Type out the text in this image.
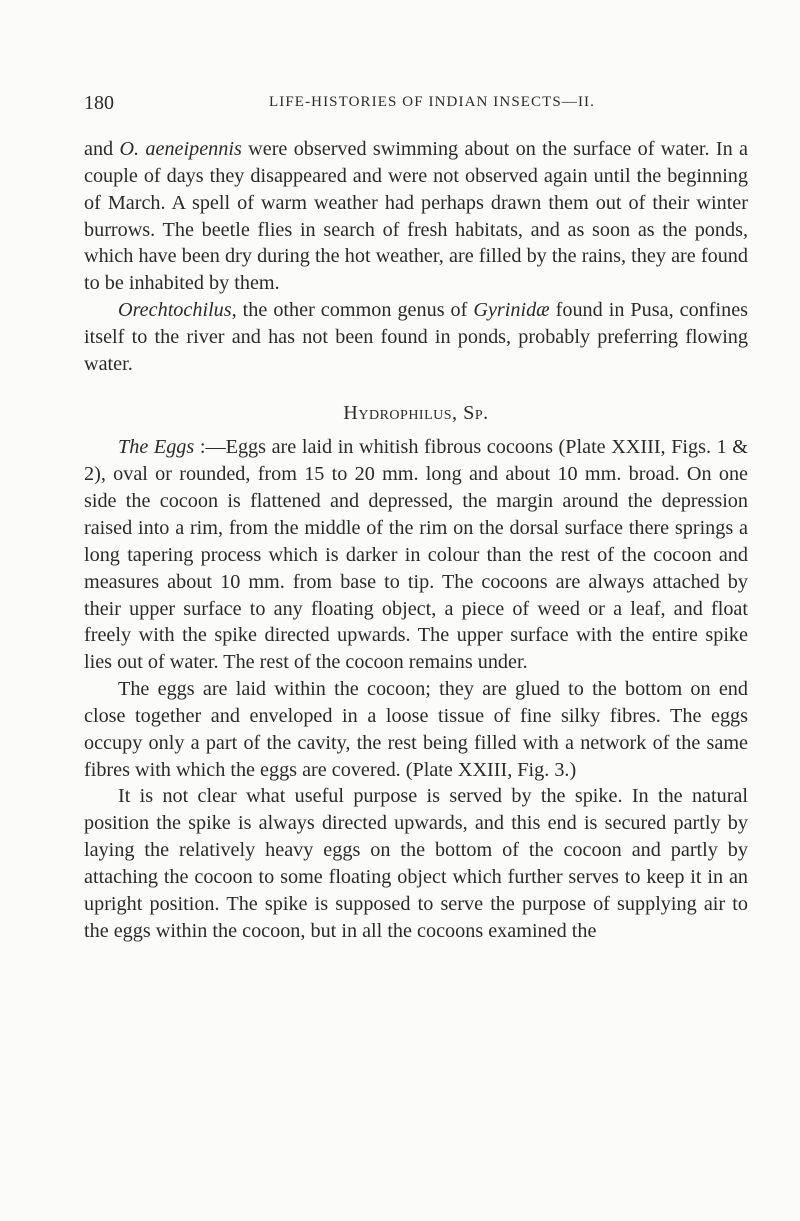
180	LIFE-HISTORIES OF INDIAN INSECTS—II.

and O. aeneipennis were observed swimming about on the surface of water. In a couple of days they disappeared and were not observed again until the beginning of March. A spell of warm weather had perhaps drawn them out of their winter burrows. The beetle flies in search of fresh habitats, and as soon as the ponds, which have been dry during the hot weather, are filled by the rains, they are found to be inhabited by them.

Orechtochilus, the other common genus of Gyrinidæ found in Pusa, confines itself to the river and has not been found in ponds, probably preferring flowing water.

Hydrophilus, Sp.

The Eggs :—Eggs are laid in whitish fibrous cocoons (Plate XXIII, Figs. 1 & 2), oval or rounded, from 15 to 20 mm. long and about 10 mm. broad. On one side the cocoon is flattened and depressed, the margin around the depression raised into a rim, from the middle of the rim on the dorsal surface there springs a long tapering process which is darker in colour than the rest of the cocoon and measures about 10 mm. from base to tip. The cocoons are always attached by their upper surface to any floating object, a piece of weed or a leaf, and float freely with the spike directed upwards. The upper surface with the entire spike lies out of water. The rest of the cocoon remains under.

The eggs are laid within the cocoon; they are glued to the bottom on end close together and enveloped in a loose tissue of fine silky fibres. The eggs occupy only a part of the cavity, the rest being filled with a network of the same fibres with which the eggs are covered. (Plate XXIII, Fig. 3.)

It is not clear what useful purpose is served by the spike. In the natural position the spike is always directed upwards, and this end is secured partly by laying the relatively heavy eggs on the bottom of the cocoon and partly by attaching the cocoon to some floating object which further serves to keep it in an upright position. The spike is supposed to serve the purpose of supplying air to the eggs within the cocoon, but in all the cocoons examined the
